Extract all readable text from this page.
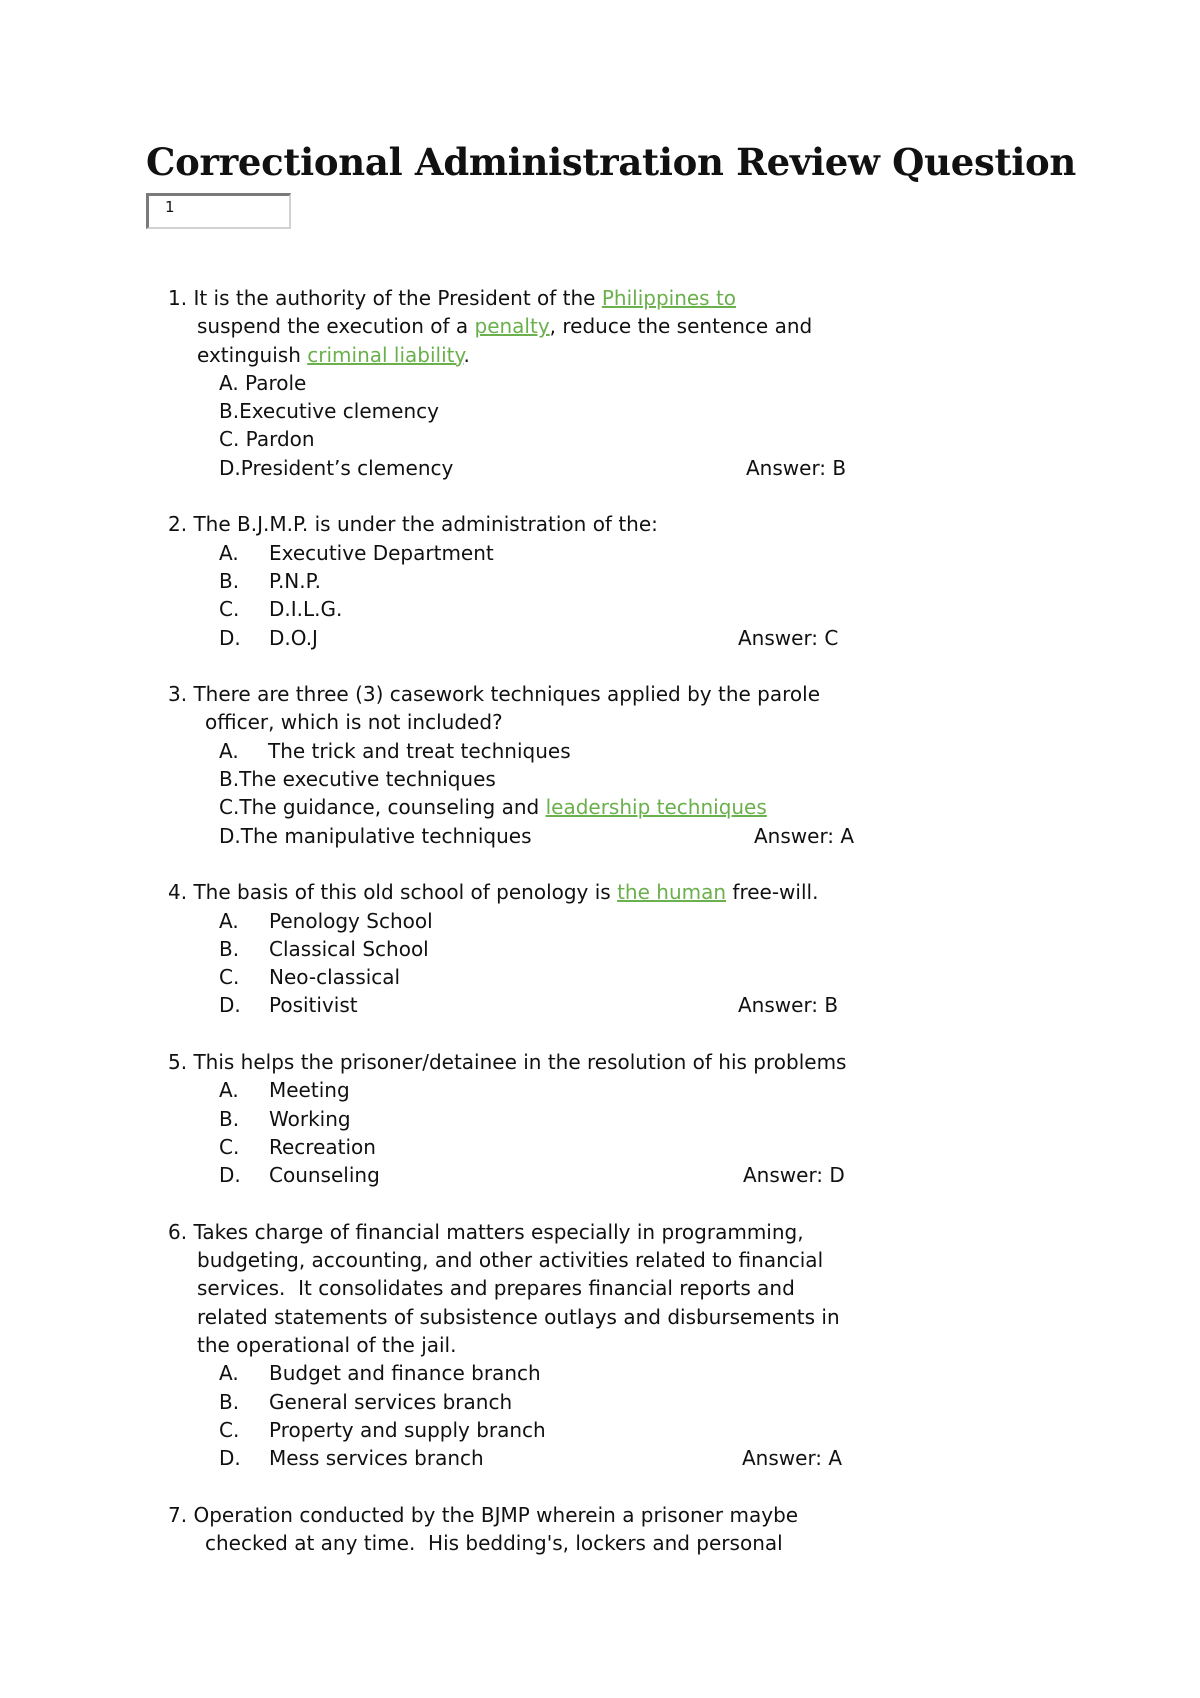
Correctional Administration Review Question
1
1. It is the authority of the President of the Philippines to
suspend the execution of a penalty, reduce the sentence and
extinguish criminal liability.
A. Parole
B.Executive clemency
C. Pardon
D.President’s clemency	Answer: B
2. The B.J.M.P. is under the administration of the:
A. Executive Department
B. P.N.P.
C. D.I.L.G.
D. D.O.J	Answer: C
3. There are three (3) casework techniques applied by the parole
officer, which is not included?
A. The trick and treat techniques
B.The executive techniques
C.The guidance, counseling and leadership techniques
D.The manipulative techniques	Answer: A
4. The basis of this old school of penology is the human free-will.
A. Penology School
B. Classical School
C. Neo-classical
D. Positivist	Answer: B
5. This helps the prisoner/detainee in the resolution of his problems
A. Meeting
B. Working
C. Recreation
D. Counseling	Answer: D
6. Takes charge of financial matters especially in programming,
budgeting, accounting, and other activities related to financial
services.  It consolidates and prepares financial reports and
related statements of subsistence outlays and disbursements in
the operational of the jail.
A. Budget and finance branch
B. General services branch
C. Property and supply branch
D. Mess services branch	Answer: A
7. Operation conducted by the BJMP wherein a prisoner maybe
checked at any time.  His bedding's, lockers and personal
